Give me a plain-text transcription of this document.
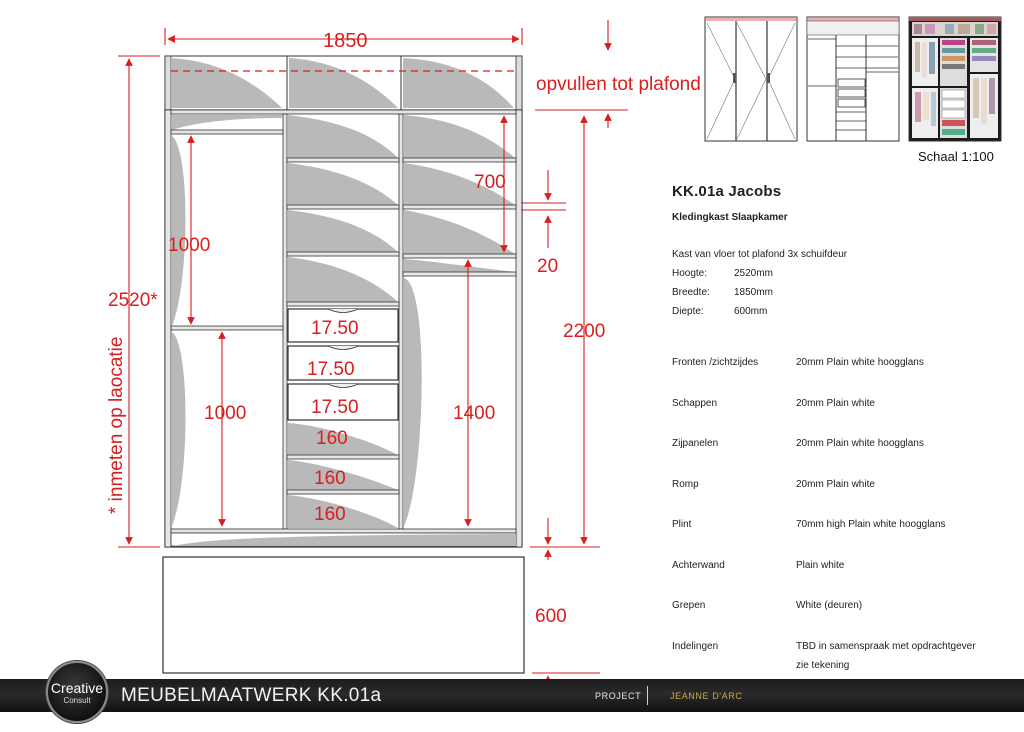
1850
opvullen tot plafond
2520*
* inmeten op laocatie
1000
1000
700
20
1400
2200
600
17.50
17.50
17.50
160
160
160
Schaal 1:100
KK.01a Jacobs
Kledingkast Slaapkamer
Kast van vloer tot plafond 3x schuifdeur
Hoogte:	2520mm
Breedte:	1850mm
Diepte:	600mm
Fronten /zichtzijdes	20mm Plain white hoogglans
Schappen	20mm Plain white
Zijpanelen	20mm Plain white hoogglans
Romp	20mm Plain white
Plint	70mm high Plain white hoogglans
Achterwand	Plain white
Grepen	White (deuren)
Indelingen	TBD in samenspraak met opdrachtgever
zie tekening
MEUBELMAATWERK KK.01a	PROJECT	JEANNE D'ARC
Creative
Consult
